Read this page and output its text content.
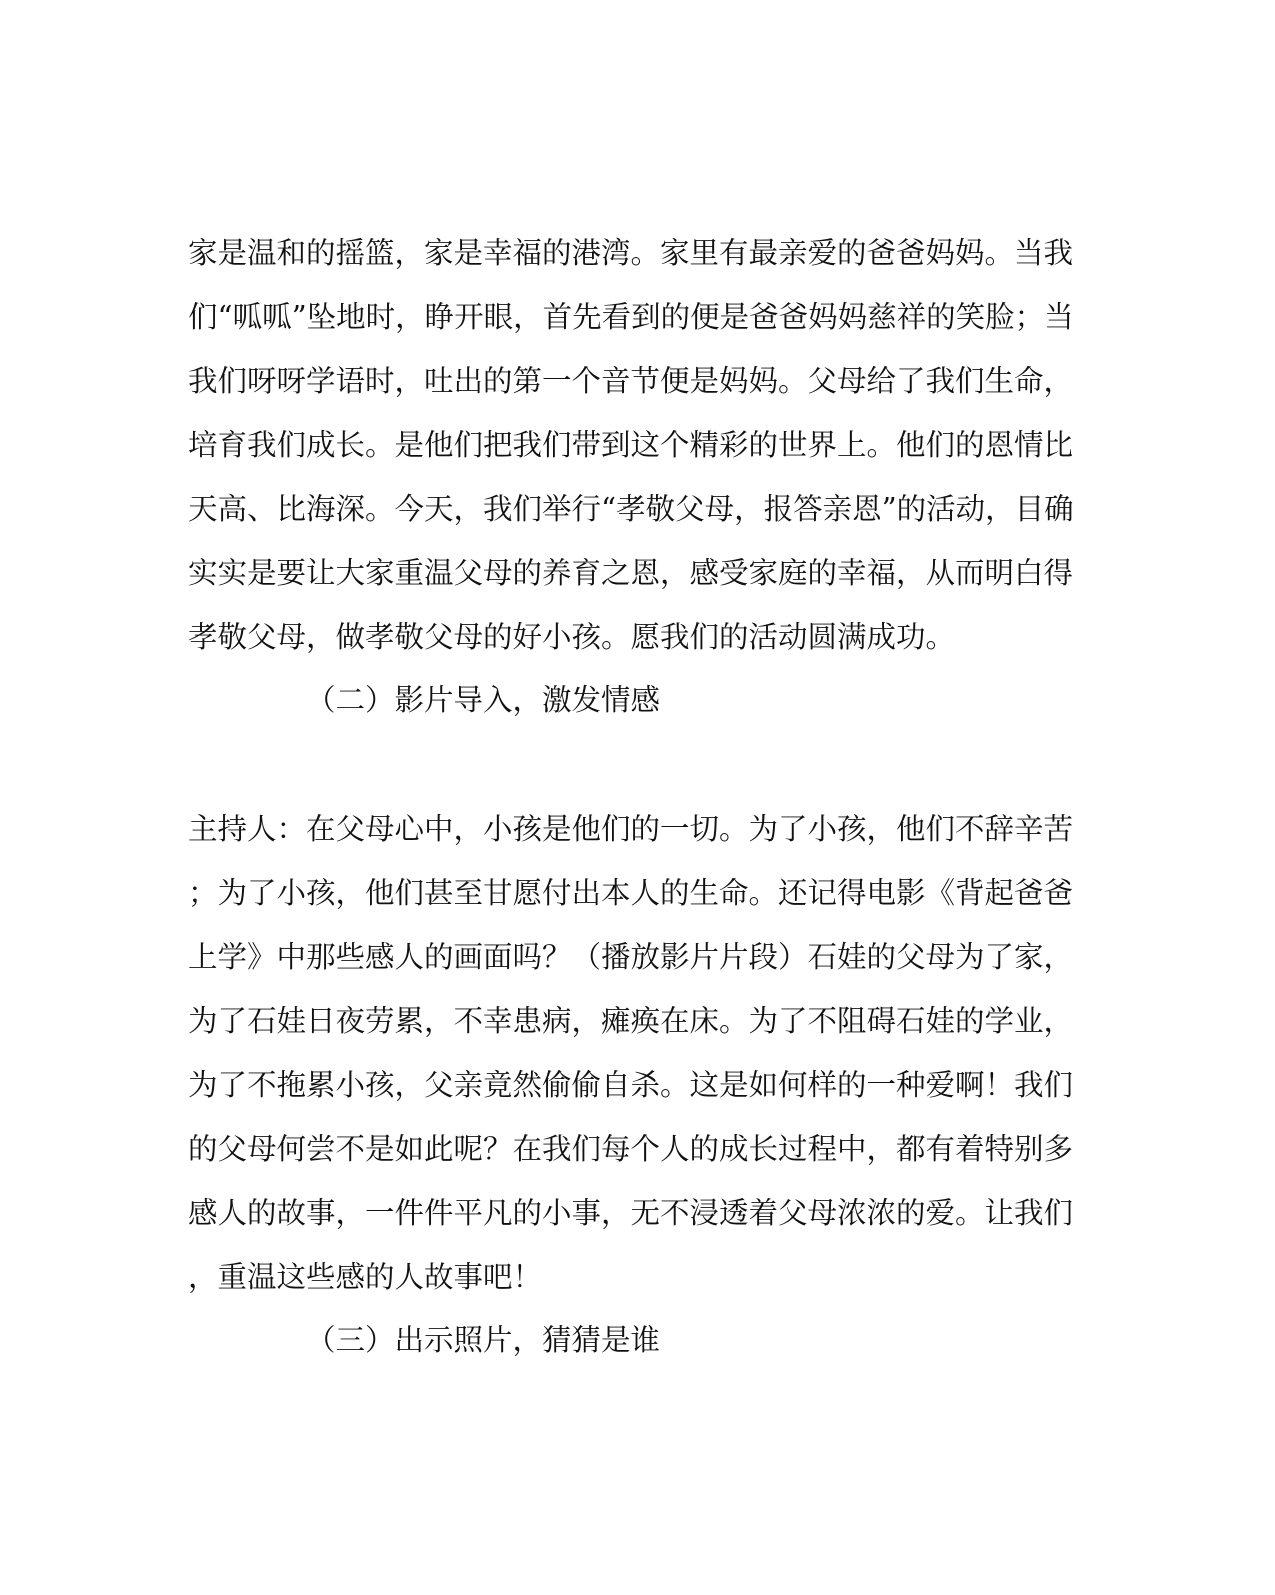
家是温和的摇篮，家是幸福的港湾。家里有最亲爱的爸爸妈妈。当我
们“呱呱”坠地时，睁开眼，首先看到的便是爸爸妈妈慈祥的笑脸；当
我们呀呀学语时，吐出的第一个音节便是妈妈。父母给了我们生命，
培育我们成长。是他们把我们带到这个精彩的世界上。他们的恩情比
天高、比海深。今天，我们举行“孝敬父母，报答亲恩”的活动，目确
实实是要让大家重温父母的养育之恩，感受家庭的幸福，从而明白得
孝敬父母，做孝敬父母的好小孩。愿我们的活动圆满成功。
（二）影片导入，激发情感
主持人：在父母心中，小孩是他们的一切。为了小孩，他们不辞辛苦
；为了小孩，他们甚至甘愿付出本人的生命。还记得电影《背起爸爸
上学》中那些感人的画面吗？（播放影片片段）石娃的父母为了家，
为了石娃日夜劳累，不幸患病，瘫痪在床。为了不阻碍石娃的学业，
为了不拖累小孩，父亲竟然偷偷自杀。这是如何样的一种爱啊！我们
的父母何尝不是如此呢？在我们每个人的成长过程中，都有着特别多
感人的故事，一件件平凡的小事，无不浸透着父母浓浓的爱。让我们
，重温这些感的人故事吧！
（三）出示照片，猜猜是谁
